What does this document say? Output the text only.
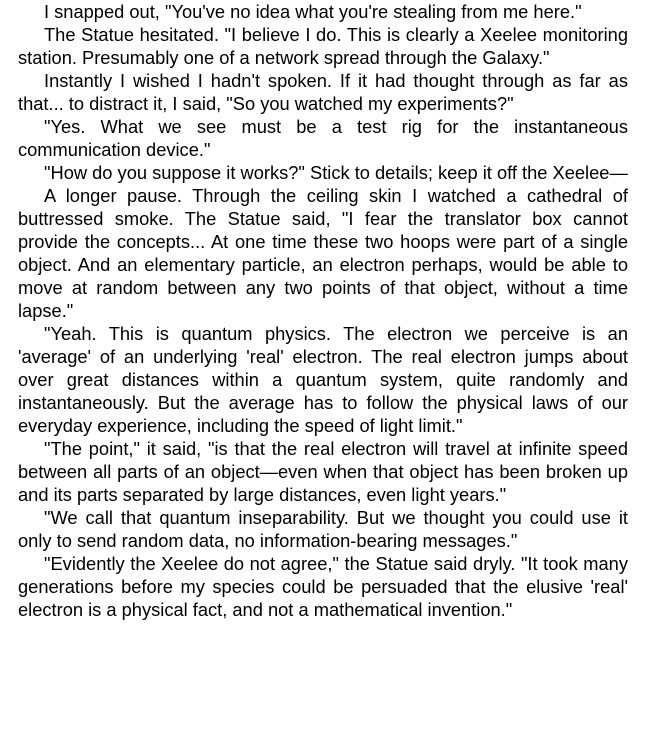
I snapped out, "You've no idea what you're stealing from me here."

The Statue hesitated. "I believe I do. This is clearly a Xeelee monitoring station. Presumably one of a network spread through the Galaxy."

Instantly I wished I hadn't spoken. If it had thought through as far as that... to distract it, I said, "So you watched my experiments?"

"Yes. What we see must be a test rig for the instantaneous communication device."

"How do you suppose it works?" Stick to details; keep it off the Xeelee—

A longer pause. Through the ceiling skin I watched a cathedral of buttressed smoke. The Statue said, "I fear the translator box cannot provide the concepts... At one time these two hoops were part of a single object. And an elementary particle, an electron perhaps, would be able to move at random between any two points of that object, without a time lapse."

"Yeah. This is quantum physics. The electron we perceive is an 'average' of an underlying 'real' electron. The real electron jumps about over great distances within a quantum system, quite randomly and instantaneously. But the average has to follow the physical laws of our everyday experience, including the speed of light limit."

"The point," it said, "is that the real electron will travel at infinite speed between all parts of an object—even when that object has been broken up and its parts separated by large distances, even light years."

"We call that quantum inseparability. But we thought you could use it only to send random data, no information-bearing messages."

"Evidently the Xeelee do not agree," the Statue said dryly. "It took many generations before my species could be persuaded that the elusive 'real' electron is a physical fact, and not a mathematical invention."
